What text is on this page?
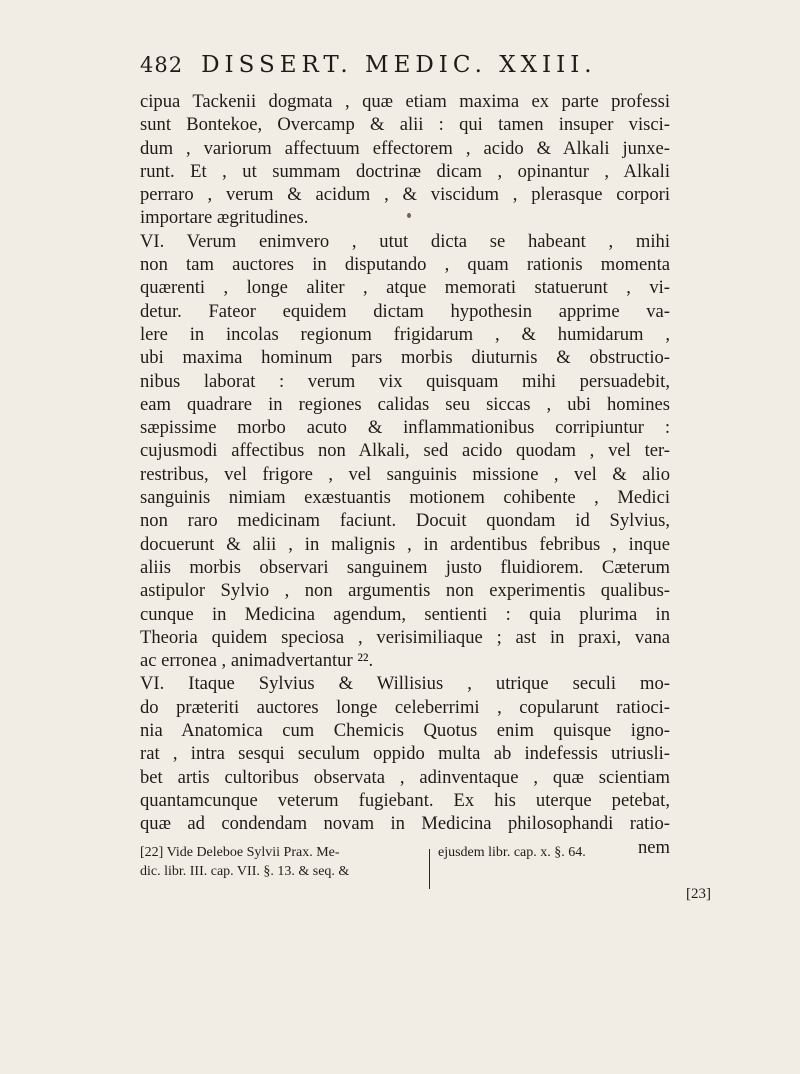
482 DISSERT. MEDIC. XXIII.
cipua Tackenii dogmata , quæ etiam maxima ex parte professi
sunt Bontekoe, Overcamp & alii : qui tamen insuper visci-
dum , variorum affectuum effectorem , acido & Alkali junxe-
runt. Et , ut summam doctrinæ dicam , opinantur , Alkali
perraro , verum & acidum , & viscidum , plerasque corpori
importare ægritudines.
VI. Verum enimvero , utut dicta se habeant , mihi
non tam auctores in disputando , quam rationis momenta
quærenti , longe aliter , atque memorati statuerunt , vi-
detur. Fateor equidem dictam hypothesin apprime va-
lere in incolas regionum frigidarum , & humidarum ,
ubi maxima hominum pars morbis diuturnis & obstructio-
nibus laborat : verum vix quisquam mihi persuadebit,
eam quadrare in regiones calidas seu siccas , ubi homines
sæpissime morbo acuto & inflammationibus corripiuntur :
cujusmodi affectibus non Alkali, sed acido quodam , vel ter-
restribus, vel frigore , vel sanguinis missione , vel & alio
sanguinis nimiam exæstuantis motionem cohibente , Medici
non raro medicinam faciunt. Docuit quondam id Sylvius,
docuerunt & alii , in malignis , in ardentibus febribus , inque
aliis morbis observari sanguinem justo fluidiorem. Cæterum
astipulor Sylvio , non argumentis non experimentis qualibus-
cunque in Medicina agendum, sentienti : quia plurima in
Theoria quidem speciosa , verisimiliaque ; ast in praxi, vana
ac erronea , animadvertantur ²².
VI. Itaque Sylvius & Willisius , utrique seculi mo-
do præteriti auctores longe celeberrimi , copularunt ratioci-
nia Anatomica cum Chemicis Quotus enim quisque igno-
rat , intra sesqui seculum oppido multa ab indefessis utriusli-
bet artis cultoribus observata , adinventaque , quæ scientiam
quantamcunque veterum fugiebant. Ex his uterque petebat,
quæ ad condendam novam in Medicina philosophandi ratio-
nem
[22] Vide Deleboe Sylvii Prax. Me-
dic. libr. III. cap. VII. §. 13. & seq. &
ejusdem libr. cap. x. §. 64.
[23]
